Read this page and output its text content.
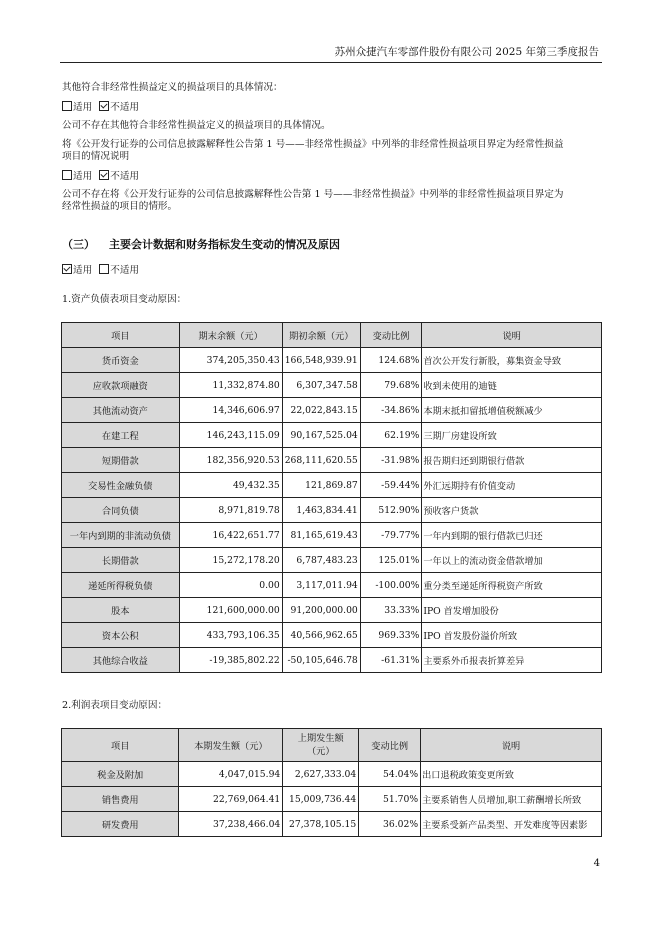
苏州众捷汽车零部件股份有限公司 2025 年第三季度报告
其他符合非经常性损益定义的损益项目的具体情况：
适用 不适用
公司不存在其他符合非经常性损益定义的损益项目的具体情况。
将《公开发行证券的公司信息披露解释性公告第 1 号——非经常性损益》中列举的非经常性损益项目界定为经常性损益
项目的情况说明
适用 不适用
公司不存在将《公开发行证券的公司信息披露解释性公告第 1 号——非经常性损益》中列举的非经常性损益项目界定为
经常性损益的项目的情形。
（三） 主要会计数据和财务指标发生变动的情况及原因
适用 不适用
1.资产负债表项目变动原因：
项目	期末余额（元）	期初余额（元）	变动比例	说明
货币资金	374,205,350.43	166,548,939.91	124.68%	首次公开发行新股，募集资金导致
应收款项融资	11,332,874.80	6,307,347.58	79.68%	收到未使用的迪链
其他流动资产	14,346,606.97	22,022,843.15	-34.86%	本期末抵扣留抵增值税额减少
在建工程	146,243,115.09	90,167,525.04	62.19%	三期厂房建设所致
短期借款	182,356,920.53	268,111,620.55	-31.98%	报告期归还到期银行借款
交易性金融负债	49,432.35	121,869.87	-59.44%	外汇远期持有价值变动
合同负债	8,971,819.78	1,463,834.41	512.90%	预收客户货款
一年内到期的非流动负债	16,422,651.77	81,165,619.43	-79.77%	一年内到期的银行借款已归还
长期借款	15,272,178.20	6,787,483.23	125.01%	一年以上的流动资金借款增加
递延所得税负债	0.00	3,117,011.94	-100.00%	重分类至递延所得税资产所致
股本	121,600,000.00	91,200,000.00	33.33%	IPO 首发增加股份
资本公积	433,793,106.35	40,566,962.65	969.33%	IPO 首发股份溢价所致
其他综合收益	-19,385,802.22	-50,105,646.78	-61.31%	主要系外币报表折算差异
2.利润表项目变动原因：
项目	本期发生额（元）	上期发生额
（元）	变动比例	说明
税金及附加	4,047,015.94	2,627,333.04	54.04%	出口退税政策变更所致
销售费用	22,769,064.41	15,009,736.44	51.70%	主要系销售人员增加,职工薪酬增长所致
研发费用	37,238,466.04	27,378,105.15	36.02%	主要系受新产品类型、开发难度等因素影
4
